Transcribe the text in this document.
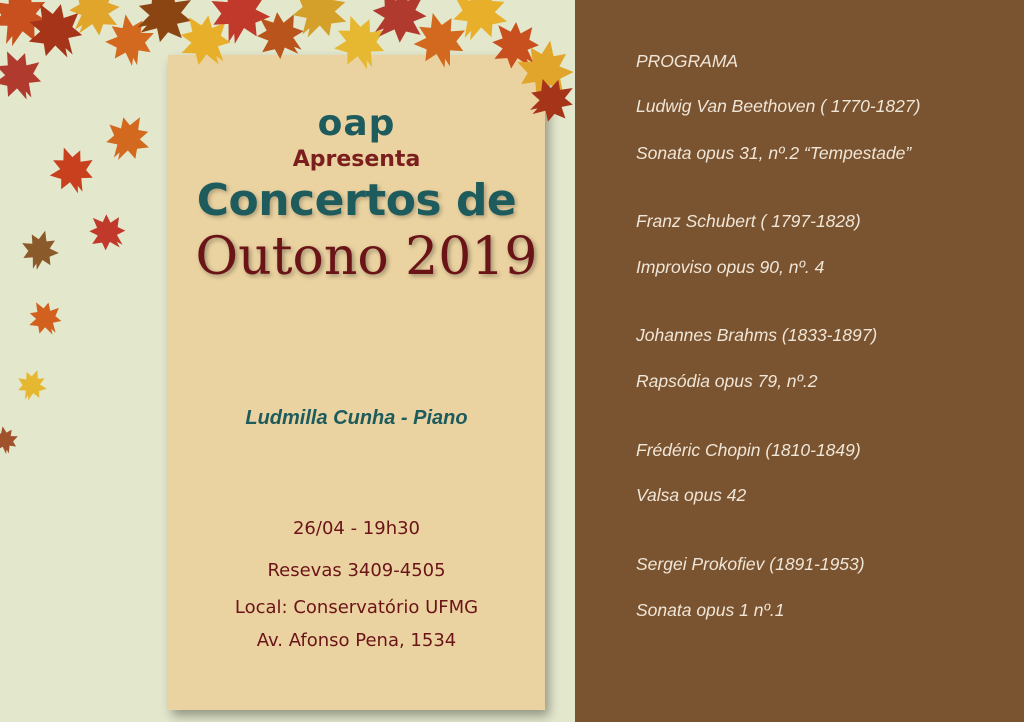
oap
Apresenta
Concertos de
Outono 2019
Ludmilla Cunha - Piano
26/04 - 19h30
Resevas 3409-4505
Local: Conservatório UFMG
Av. Afonso Pena, 1534
PROGRAMA
Ludwig Van Beethoven ( 1770-1827)
Sonata opus 31, nº.2 “Tempestade”
Franz Schubert ( 1797-1828)
Improviso opus 90, nº. 4
Johannes Brahms (1833-1897)
Rapsódia opus 79, nº.2
Frédéric Chopin (1810-1849)
Valsa opus 42
Sergei Prokofiev (1891-1953)
Sonata opus 1 nº.1
